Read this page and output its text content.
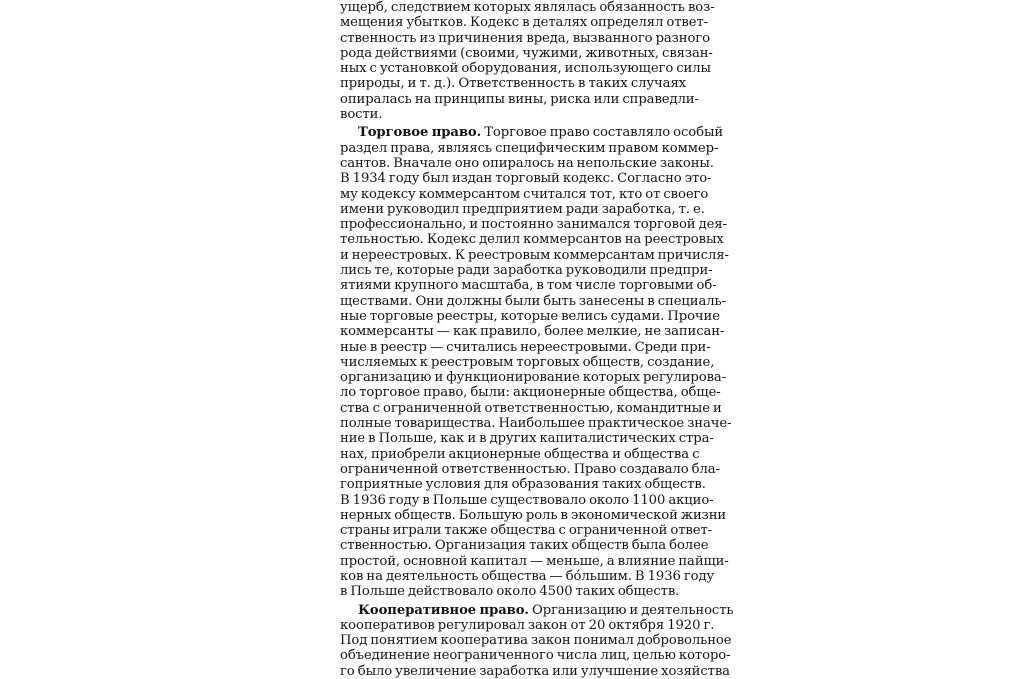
ущерб, следствием которых являлась обязанность воз-
мещения убытков. Кодекс в деталях определял ответ-
ственность из причинения вреда, вызванного разного
рода действиями (своими, чужими, животных, связан-
ных с установкой оборудования, использующего силы
природы, и т. д.). Ответственность в таких случаях
опиралась на принципы вины, риска или справедли-
вости.
Торговое право. Торговое право составляло особый
раздел права, являясь специфическим правом коммер-
сантов. Вначале оно опиралось на непольские законы.
В 1934 году был издан торговый кодекс. Согласно это-
му кодексу коммерсантом считался тот, кто от своего
имени руководил предприятием ради заработка, т. е.
профессионально, и постоянно занимался торговой дея-
тельностью. Кодекс делил коммерсантов на реестровых
и нереестровых. К реестровым коммерсантам причисля-
лись те, которые ради заработка руководили предпри-
ятиями крупного масштаба, в том числе торговыми об-
ществами. Они должны были быть занесены в специаль-
ные торговые реестры, которые велись судами. Прочие
коммерсанты — как правило, более мелкие, не записан-
ные в реестр — считались нереестровыми. Среди при-
числяемых к реестровым торговых обществ, создание,
организацию и функционирование которых регулирова-
ло торговое право, были: акционерные общества, обще-
ства с ограниченной ответственностью, командитные и
полные товарищества. Наибольшее практическое значе-
ние в Польше, как и в других капиталистических стра-
нах, приобрели акционерные общества и общества с
ограниченной ответственностью. Право создавало бла-
гоприятные условия для образования таких обществ.
В 1936 году в Польше существовало около 1100 акцио-
нерных обществ. Большую роль в экономической жизни
страны играли также общества с ограниченной ответ-
ственностью. Организация таких обществ была более
простой, основной капитал — меньше, а влияние пайщи-
ков на деятельность общества — бо́льшим. В 1936 году
в Польше действовало около 4500 таких обществ.
Кооперативное право. Организацию и деятельность
кооперативов регулировал закон от 20 октября 1920 г.
Под понятием кооператива закон понимал добровольное
объединение неограниченного числа лиц, целью которо-
го было увеличение заработка или улучшение хозяйства
